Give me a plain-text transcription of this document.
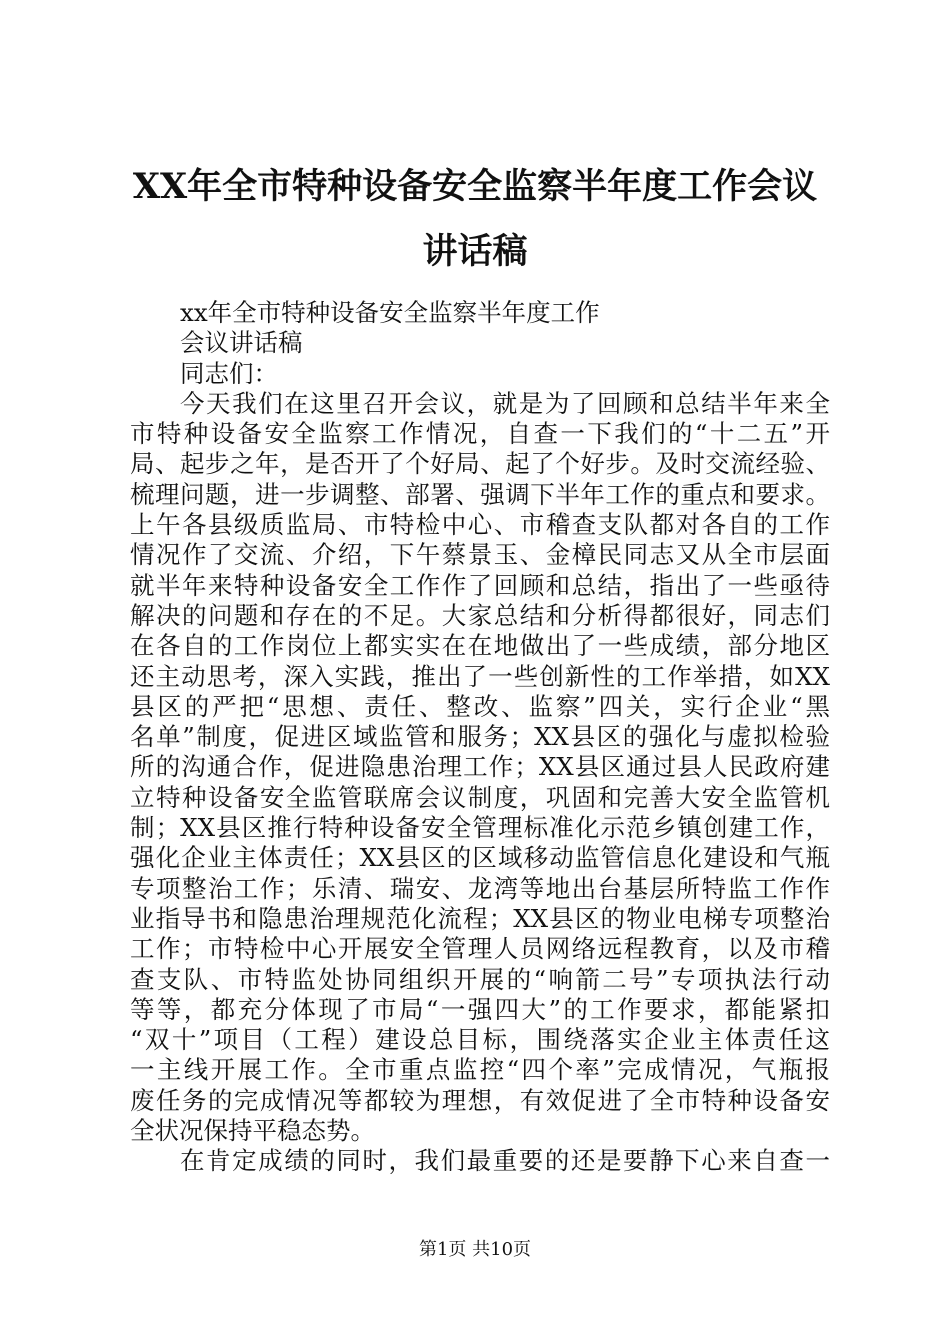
XX年全市特种设备安全监察半年度工作会议
讲话稿
xx年全市特种设备安全监察半年度工作
会议讲话稿
同志们：
今天我们在这里召开会议，就是为了回顾和总结半年来全
市特种设备安全监察工作情况，自查一下我们的“十二五”开
局、起步之年，是否开了个好局、起了个好步。及时交流经验、
梳理问题，进一步调整、部署、强调下半年工作的重点和要求。
上午各县级质监局、市特检中心、市稽查支队都对各自的工作
情况作了交流、介绍，下午蔡景玉、金樟民同志又从全市层面
就半年来特种设备安全工作作了回顾和总结，指出了一些亟待
解决的问题和存在的不足。大家总结和分析得都很好，同志们
在各自的工作岗位上都实实在在地做出了一些成绩，部分地区
还主动思考，深入实践，推出了一些创新性的工作举措，如XX
县区的严把“思想、责任、整改、监察”四关，实行企业“黑
名单”制度，促进区域监管和服务；XX县区的强化与虚拟检验
所的沟通合作，促进隐患治理工作；XX县区通过县人民政府建
立特种设备安全监管联席会议制度，巩固和完善大安全监管机
制；XX县区推行特种设备安全管理标准化示范乡镇创建工作，
强化企业主体责任；XX县区的区域移动监管信息化建设和气瓶
专项整治工作；乐清、瑞安、龙湾等地出台基层所特监工作作
业指导书和隐患治理规范化流程；XX县区的物业电梯专项整治
工作；市特检中心开展安全管理人员网络远程教育，以及市稽
查支队、市特监处协同组织开展的“响箭二号”专项执法行动
等等，都充分体现了市局“一强四大”的工作要求，都能紧扣
“双十”项目（工程）建设总目标，围绕落实企业主体责任这
一主线开展工作。全市重点监控“四个率”完成情况，气瓶报
废任务的完成情况等都较为理想，有效促进了全市特种设备安
全状况保持平稳态势。
在肯定成绩的同时，我们最重要的还是要静下心来自查一
第1页 共10页
